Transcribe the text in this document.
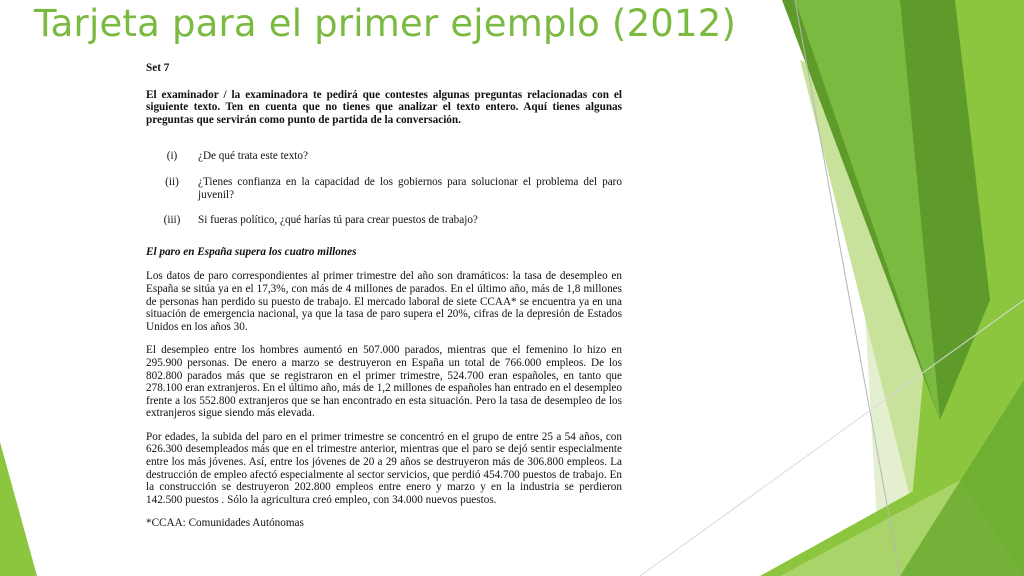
Tarjeta para el primer ejemplo (2012)
Set 7
El examinador / la examinadora te pedirá que contestes algunas preguntas relacionadas con el siguiente texto. Ten en cuenta que no tienes que analizar el texto entero. Aquí tienes algunas preguntas que servirán como punto de partida de la conversación.
(i)	¿De qué trata este texto?
(ii)	¿Tienes confianza en la capacidad de los gobiernos para solucionar el problema del paro juvenil?
(iii)	Si fueras político, ¿qué harías tú para crear puestos de trabajo?
El paro en España supera los cuatro millones

Los datos de paro correspondientes al primer trimestre del año son dramáticos: la tasa de desempleo en España se sitúa ya en el 17,3%, con más de 4 millones de parados. En el último año, más de 1,8 millones de personas han perdido su puesto de trabajo. El mercado laboral de siete CCAA* se encuentra ya en una situación de emergencia nacional, ya que la tasa de paro supera el 20%, cifras de la depresión de Estados Unidos en los años 30.

El desempleo entre los hombres aumentó en 507.000 parados, mientras que el femenino lo hizo en 295.900 personas. De enero a marzo se destruyeron en España un total de 766.000 empleos. De los 802.800 parados más que se registraron en el primer trimestre, 524.700 eran españoles, en tanto que 278.100 eran extranjeros. En el último año, más de 1,2 millones de españoles han entrado en el desempleo frente a los 552.800 extranjeros que se han encontrado en esta situación. Pero la tasa de desempleo de los extranjeros sigue siendo más elevada.

Por edades, la subida del paro en el primer trimestre se concentró en el grupo de entre 25 a 54 años, con 626.300 desempleados más que en el trimestre anterior, mientras que el paro se dejó sentir especialmente entre los más jóvenes. Así, entre los jóvenes de 20 a 29 años se destruyeron más de 306.800 empleos. La destrucción de empleo afectó especialmente al sector servicios, que perdió 454.700 puestos de trabajo. En la construcción se destruyeron 202.800 empleos entre enero y marzo y en la industria se perdieron 142.500 puestos . Sólo la agricultura creó empleo, con 34.000 nuevos puestos.

*CCAA: Comunidades Autónomas
